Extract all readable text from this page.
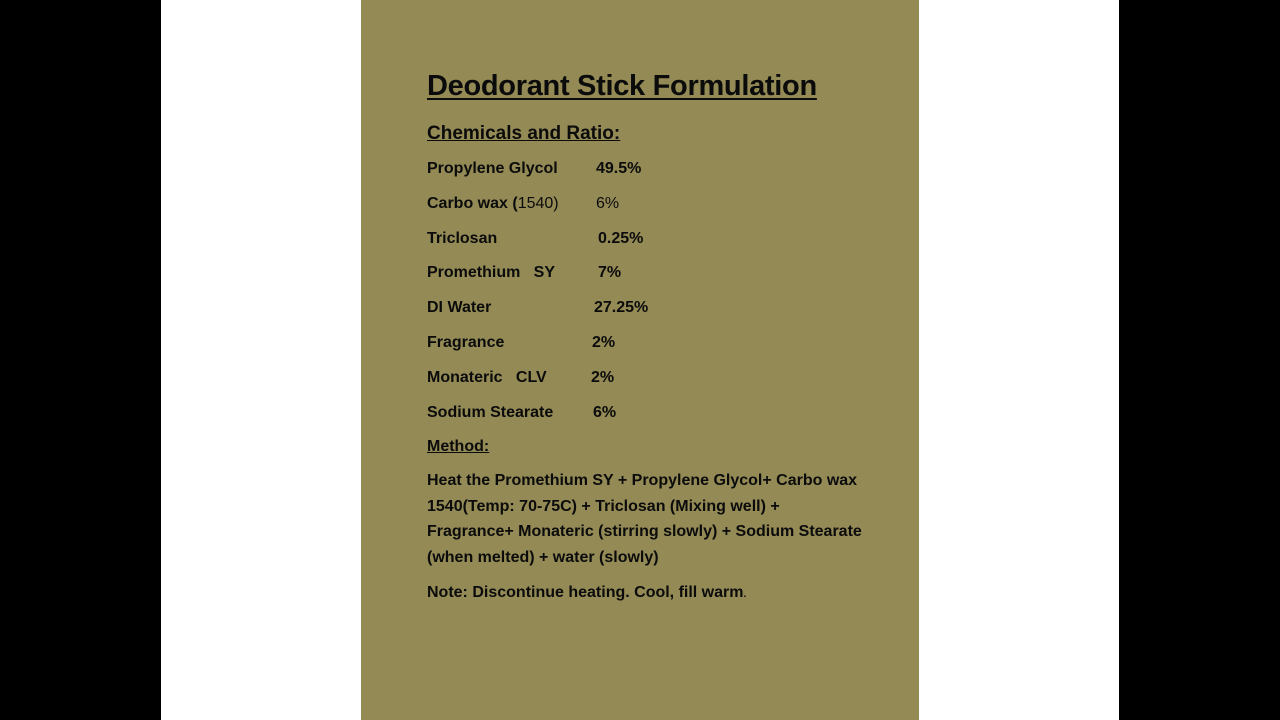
Deodorant Stick Formulation
Chemicals and Ratio:
Propylene Glycol 49.5%
Carbo wax (1540) 6%
Triclosan	0.25%
Promethium   SY	7%
DI Water	27.25%
Fragrance	2%
Monateric   CLV	2%
Sodium Stearate 6%
Method:
Heat the Promethium SY + Propylene Glycol+ Carbo wax 1540(Temp: 70-75C) + Triclosan (Mixing well) + Fragrance+ Monateric (stirring slowly) + Sodium Stearate (when melted) + water (slowly)
Note: Discontinue heating. Cool, fill warm.
